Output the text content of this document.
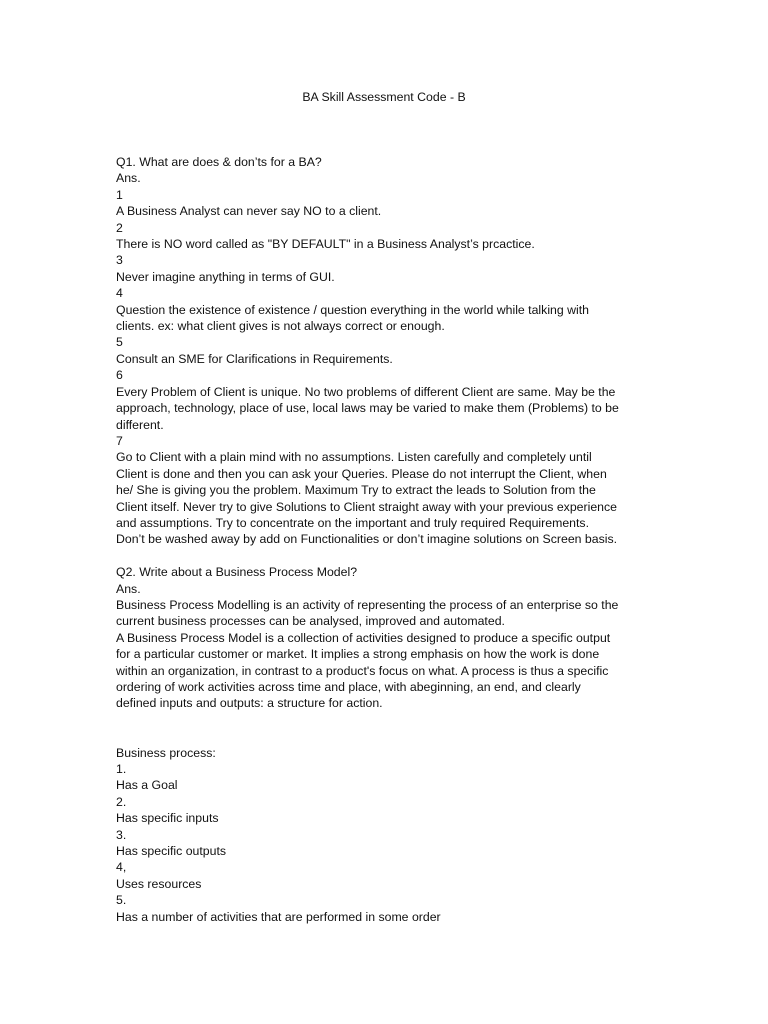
BA Skill Assessment Code - B
Q1. What are does & don’ts for a BA?
Ans.
1
A Business Analyst can never say NO to a client.
2
There is NO word called as "BY DEFAULT" in a Business Analyst’s prcactice.
3
Never imagine anything in terms of GUI.
4
Question the existence of existence / question everything in the world while talking with
clients. ex: what client gives is not always correct or enough.
5
Consult an SME for Clarifications in Requirements.
6
Every Problem of Client is unique. No two problems of different Client are same. May be the
approach, technology, place of use, local laws may be varied to make them (Problems) to be
different.
7
Go to Client with a plain mind with no assumptions. Listen carefully and completely until
Client is done and then you can ask your Queries. Please do not interrupt the Client, when
he/ She is giving you the problem. Maximum Try to extract the leads to Solution from the
Client itself. Never try to give Solutions to Client straight away with your previous experience
and assumptions. Try to concentrate on the important and truly required Requirements.
Don’t be washed away by add on Functionalities or don’t imagine solutions on Screen basis.
Q2. Write about a Business Process Model?
Ans.
Business Process Modelling is an activity of representing the process of an enterprise so the
current business processes can be analysed, improved and automated.
A Business Process Model is a collection of activities designed to produce a specific output
for a particular customer or market. It implies a strong emphasis on how the work is done
within an organization, in contrast to a product's focus on what. A process is thus a specific
ordering of work activities across time and place, with abeginning, an end, and clearly
defined inputs and outputs: a structure for action.
Business process:
1.
Has a Goal
2.
Has specific inputs
3.
Has specific outputs
4,
Uses resources
5.
Has a number of activities that are performed in some order
